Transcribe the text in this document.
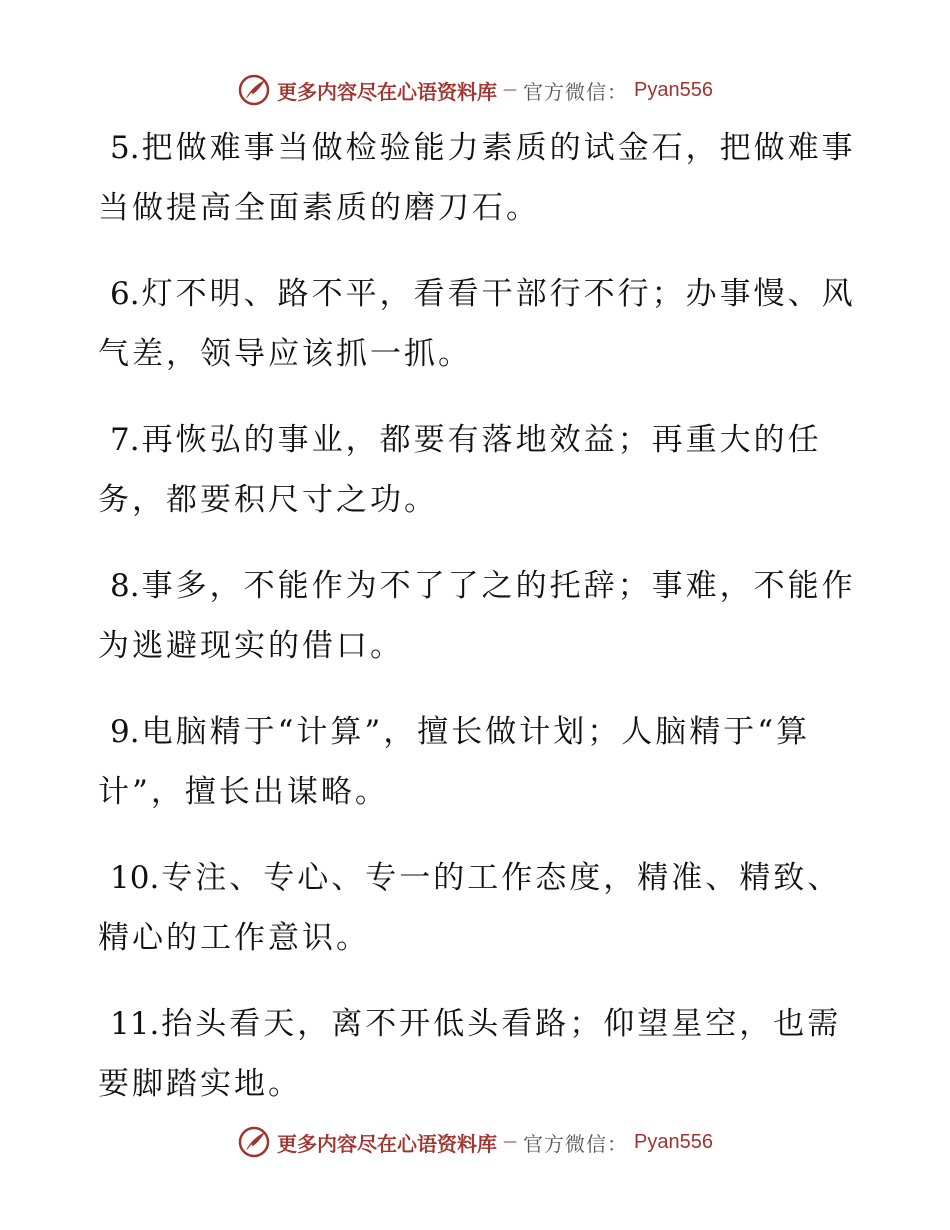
更多内容尽在心语资料库 — 官方微信： Pyan556

5.把做难事当做检验能力素质的试金石，把做难事当做提高全面素质的磨刀石。

6.灯不明、路不平，看看干部行不行；办事慢、风气差，领导应该抓一抓。

7.再恢弘的事业，都要有落地效益；再重大的任务，都要积尺寸之功。

8.事多，不能作为不了了之的托辞；事难，不能作为逃避现实的借口。

9.电脑精于“计算”，擅长做计划；人脑精于“算计”，擅长出谋略。

10.专注、专心、专一的工作态度，精准、精致、精心的工作意识。

11.抬头看天，离不开低头看路；仰望星空，也需要脚踏实地。

更多内容尽在心语资料库 — 官方微信： Pyan556
